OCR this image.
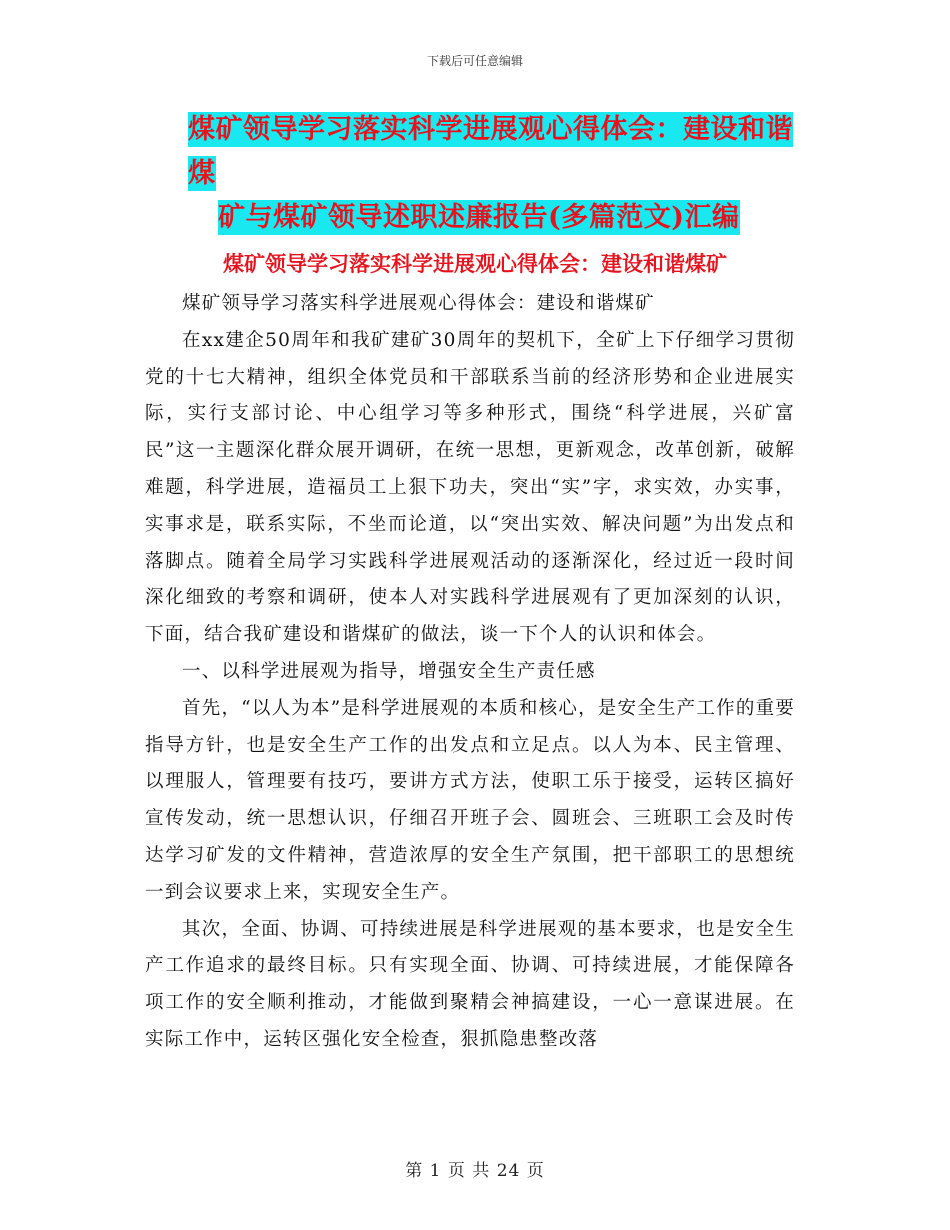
下载后可任意编辑
煤矿领导学习落实科学进展观心得体会：建设和谐煤
矿与煤矿领导述职述廉报告(多篇范文)汇编
煤矿领导学习落实科学进展观心得体会：建设和谐煤矿

煤矿领导学习落实科学进展观心得体会：建设和谐煤矿

在xx建企50周年和我矿建矿30周年的契机下，全矿上下仔细学习贯彻党的十七大精神，组织全体党员和干部联系当前的经济形势和企业进展实际，实行支部讨论、中心组学习等多种形式，围绕“科学进展，兴矿富民”这一主题深化群众展开调研，在统一思想，更新观念，改革创新，破解难题，科学进展，造福员工上狠下功夫，突出“实”字，求实效，办实事，实事求是，联系实际，不坐而论道，以“突出实效、解决问题”为出发点和落脚点。随着全局学习实践科学进展观活动的逐渐深化，经过近一段时间深化细致的考察和调研，使本人对实践科学进展观有了更加深刻的认识，下面，结合我矿建设和谐煤矿的做法，谈一下个人的认识和体会。

一、以科学进展观为指导，增强安全生产责任感

首先，“以人为本”是科学进展观的本质和核心，是安全生产工作的重要指导方针，也是安全生产工作的出发点和立足点。以人为本、民主管理、以理服人，管理要有技巧，要讲方式方法，使职工乐于接受，运转区搞好宣传发动，统一思想认识，仔细召开班子会、圆班会、三班职工会及时传达学习矿发的文件精神，营造浓厚的安全生产氛围，把干部职工的思想统一到会议要求上来，实现安全生产。

其次，全面、协调、可持续进展是科学进展观的基本要求，也是安全生产工作追求的最终目标。只有实现全面、协调、可持续进展，才能保障各项工作的安全顺利推动，才能做到聚精会神搞建设，一心一意谋进展。在实际工作中，运转区强化安全检查，狠抓隐患整改落

第 1 页 共 24 页
